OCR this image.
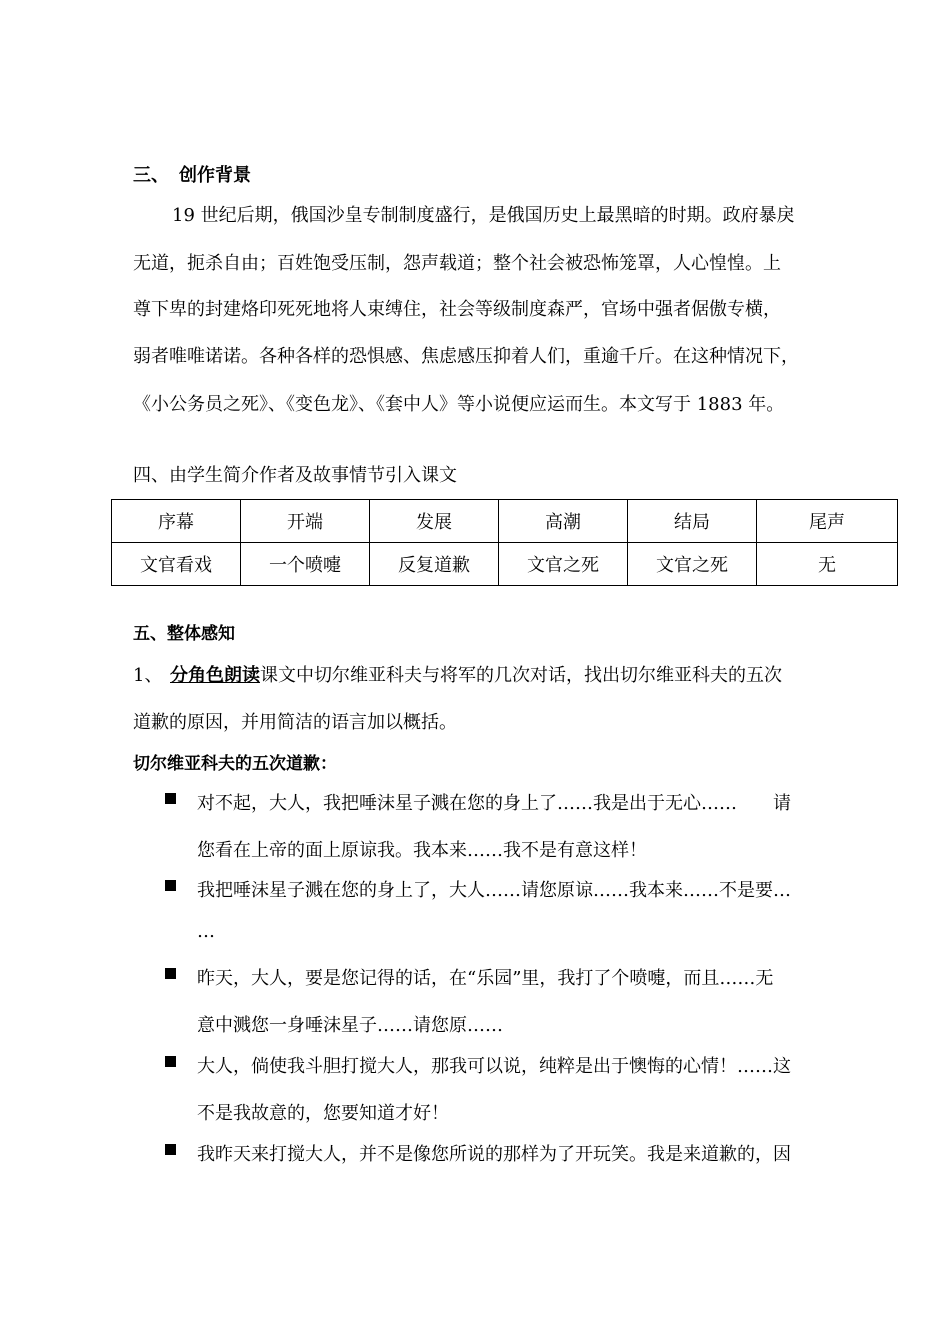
三、 创作背景
19 世纪后期，俄国沙皇专制制度盛行，是俄国历史上最黑暗的时期。政府暴戾
无道，扼杀自由；百姓饱受压制，怨声载道；整个社会被恐怖笼罩，人心惶惶。上
尊下卑的封建烙印死死地将人束缚住，社会等级制度森严，官场中强者倨傲专横，
弱者唯唯诺诺。各种各样的恐惧感、焦虑感压抑着人们，重逾千斤。在这种情况下，
《小公务员之死》、《变色龙》、《套中人》等小说便应运而生。本文写于 1883 年。
四、由学生简介作者及故事情节引入课文
序幕	开端	发展	高潮	结局	尾声
文官看戏	一个喷嚏	反复道歉	文官之死	文官之死	无
五、整体感知
1、 分角色朗读课文中切尔维亚科夫与将军的几次对话，找出切尔维亚科夫的五次
道歉的原因，并用简洁的语言加以概括。
切尔维亚科夫的五次道歉：
对不起，大人，我把唾沫星子溅在您的身上了……我是出于无心……　　请
您看在上帝的面上原谅我。我本来……我不是有意这样！
我把唾沫星子溅在您的身上了，大人……请您原谅……我本来……不是要…
…
昨天，大人，要是您记得的话，在“乐园”里，我打了个喷嚏，而且……无
意中溅您一身唾沫星子……请您原……
大人，倘使我斗胆打搅大人，那我可以说，纯粹是出于懊悔的心情！……这
不是我故意的，您要知道才好！
我昨天来打搅大人，并不是像您所说的那样为了开玩笑。我是来道歉的，因
